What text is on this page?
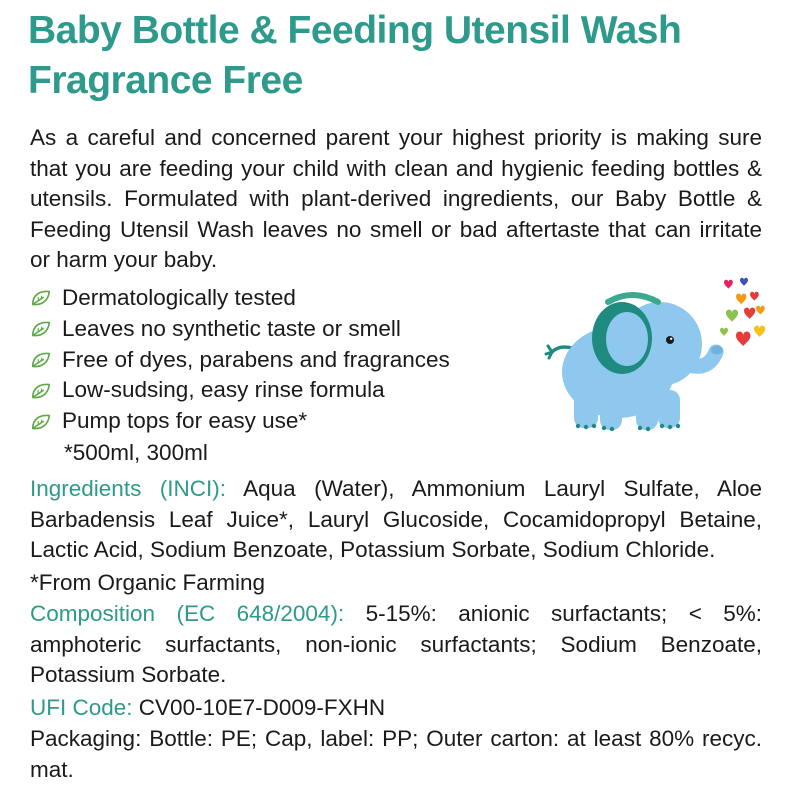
Baby Bottle & Feeding Utensil Wash
Fragrance Free

As a careful and concerned parent your highest priority is making sure that you are feeding your child with clean and hygienic feeding bottles & utensils. Formulated with plant-derived ingredients, our Baby Bottle & Feeding Utensil Wash leaves no smell or bad aftertaste that can irritate or harm your baby.

Dermatologically tested
Leaves no synthetic taste or smell
Free of dyes, parabens and fragrances
Low-sudsing, easy rinse formula
Pump tops for easy use*
*500ml, 300ml

Ingredients (INCI): Aqua (Water), Ammonium Lauryl Sulfate, Aloe Barbadensis Leaf Juice*, Lauryl Glucoside, Cocamidopropyl Betaine, Lactic Acid, Sodium Benzoate, Potassium Sorbate, Sodium Chloride.

*From Organic Farming

Composition (EC 648/2004): 5-15%: anionic surfactants; < 5%: amphoteric surfactants, non-ionic surfactants; Sodium Benzoate, Potassium Sorbate.

UFI Code: CV00-10E7-D009-FXHN

Packaging: Bottle: PE; Cap, label: PP; Outer carton: at least 80% recyc. mat.
